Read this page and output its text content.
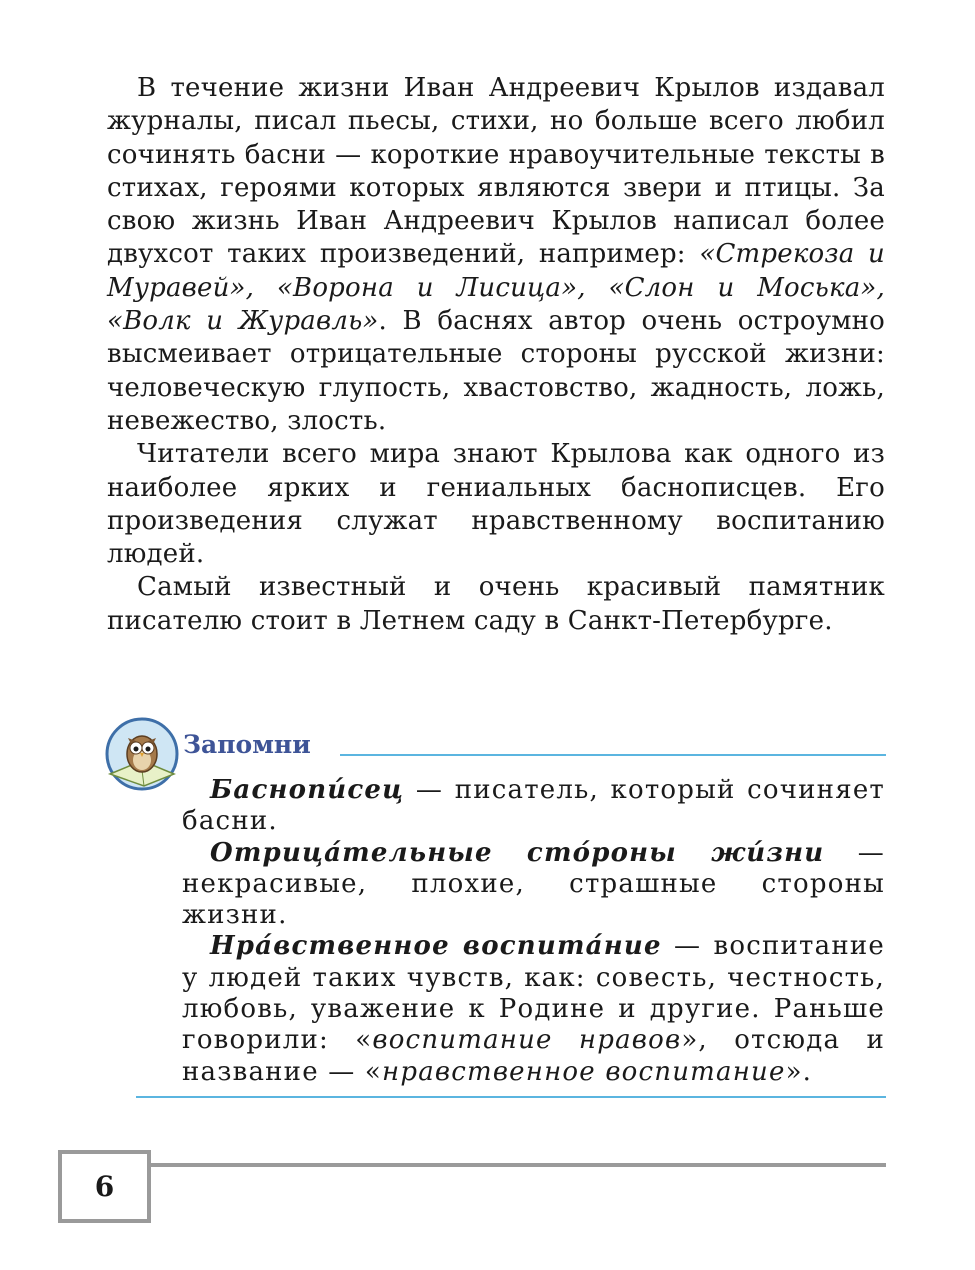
В течение жизни Иван Андреевич Крылов издавал журналы, писал пьесы, стихи, но больше всего любил сочинять басни — короткие нравоучительные тексты в стихах, героями которых являются звери и птицы. За свою жизнь Иван Андреевич Крылов написал более двухсот таких произведений, например: «Стрекоза и Муравей», «Ворона и Лисица», «Слон и Моська», «Волк и Журавль». В баснях автор очень остроумно высмеивает отрицательные стороны русской жизни: человеческую глупость, хвастовство, жадность, ложь, невежество, злость.

Читатели всего мира знают Крылова как одного из наиболее ярких и гениальных баснописцев. Его произведения служат нравственному воспитанию людей.

Самый известный и очень красивый памятник писателю стоит в Летнем саду в Санкт-Петербурге.

Запомни

Баснопи́сец — писатель, который сочиняет басни.

Отрица́тельные сто́роны жи́зни — некрасивые, плохие, страшные стороны жизни.

Нра́вственное воспита́ние — воспитание у людей таких чувств, как: совесть, честность, любовь, уважение к Родине и другие. Раньше говорили: «воспитание нравов», отсюда и название — «нравственное воспитание».

6
